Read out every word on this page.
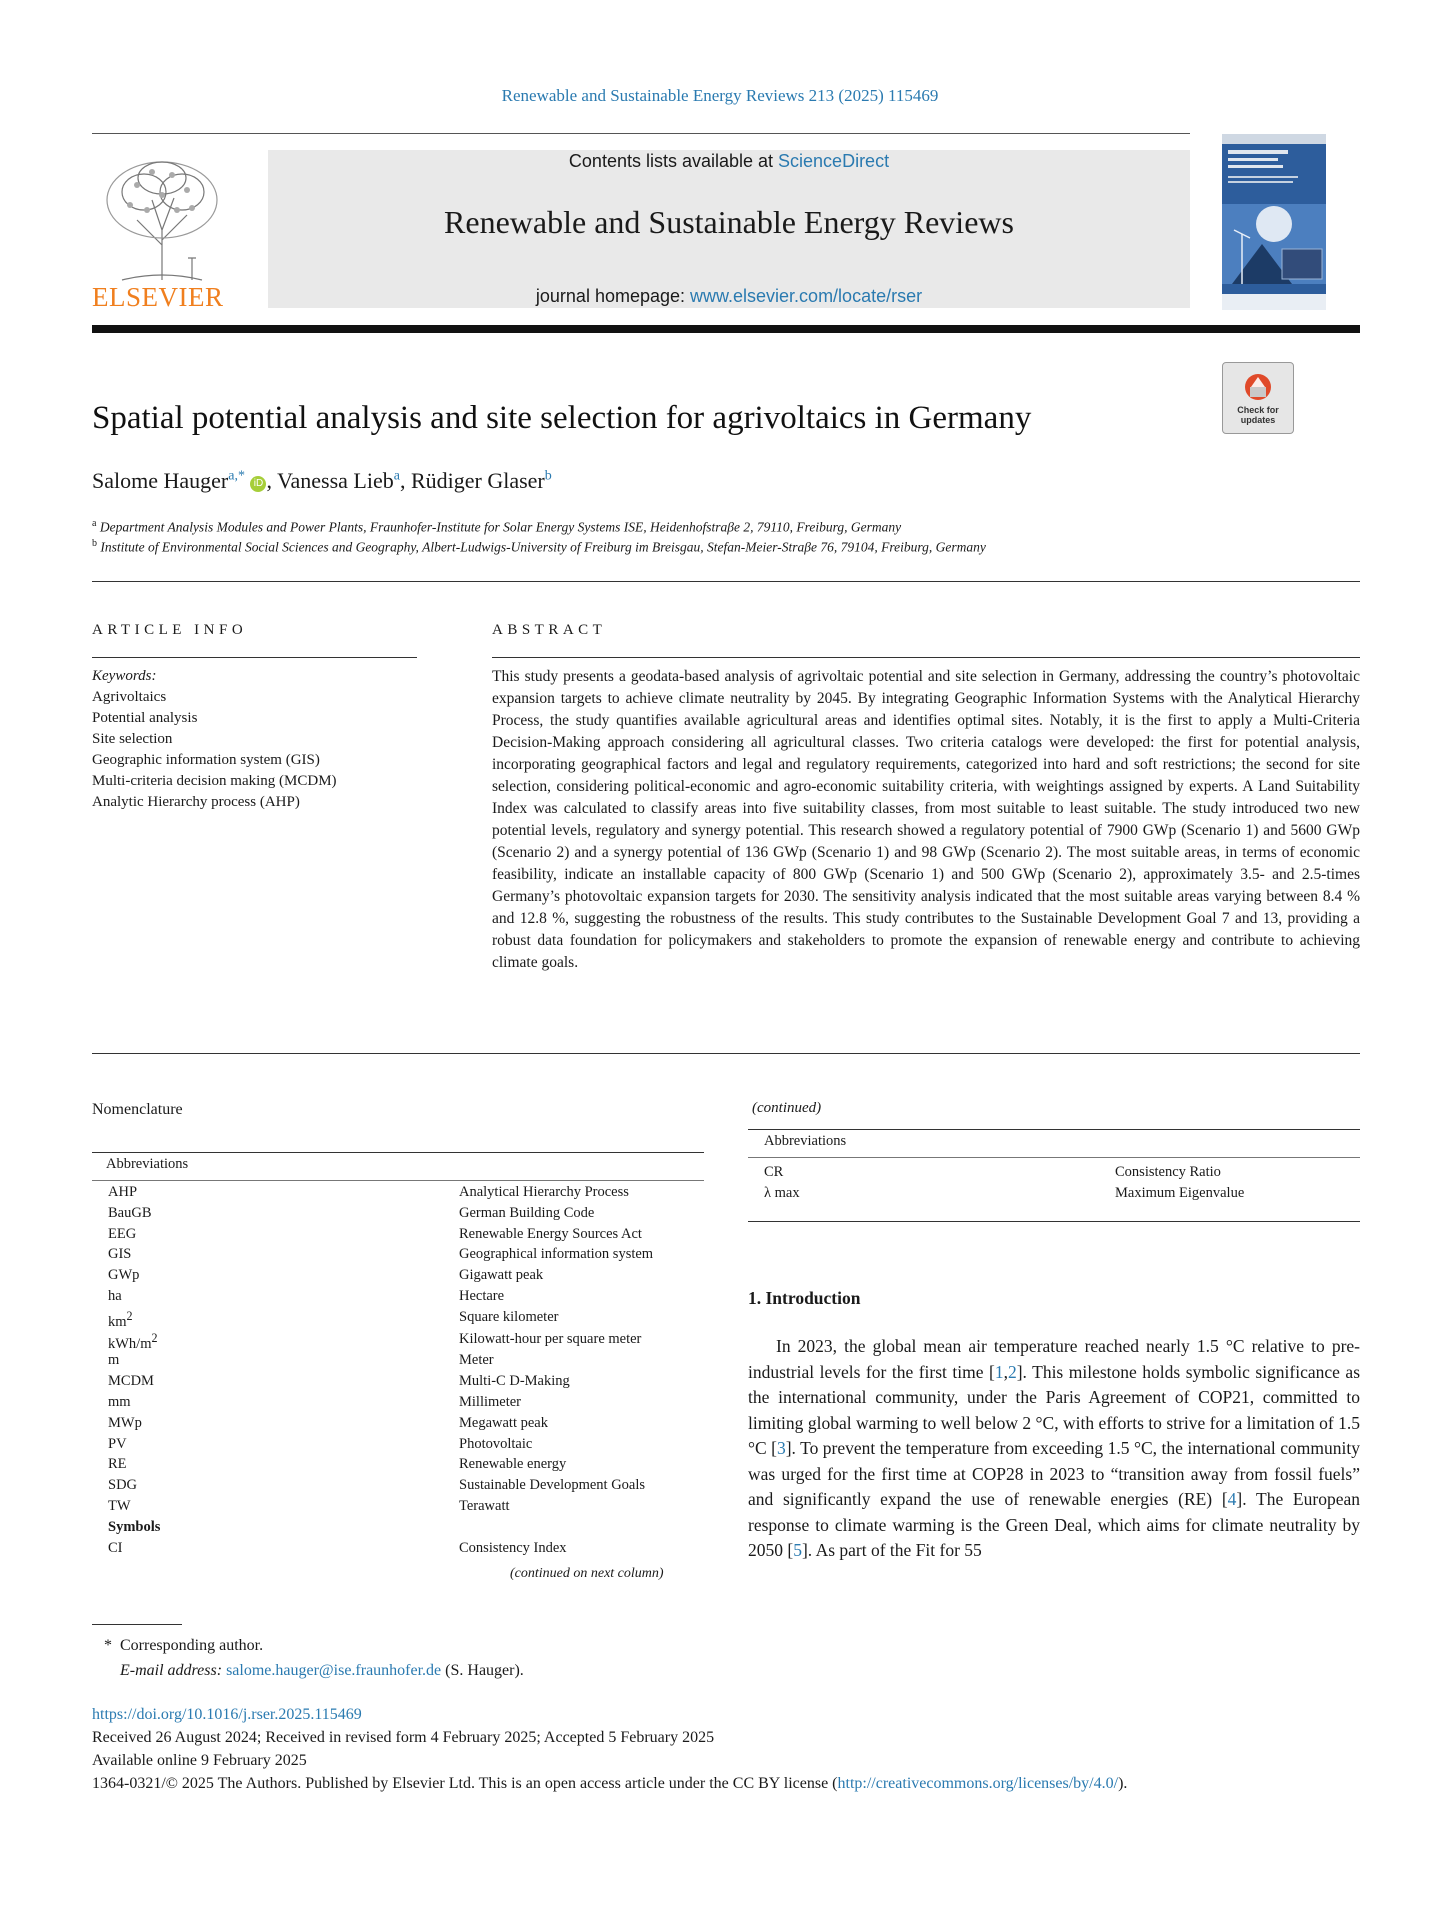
Renewable and Sustainable Energy Reviews 213 (2025) 115469
ELSEVIER
Contents lists available at ScienceDirect
Renewable and Sustainable Energy Reviews
journal homepage: www.elsevier.com/locate/rser
Check for
updates
Spatial potential analysis and site selection for agrivoltaics in Germany
Salome Hauger$^{a,*}$ iD , Vanessa Lieb$^a$, Rüdiger Glaser$^b$
$^a$ Department Analysis Modules and Power Plants, Fraunhofer-Institute for Solar Energy Systems ISE, Heidenhofstraβe 2, 79110, Freiburg, Germany
$^b$ Institute of Environmental Social Sciences and Geography, Albert-Ludwigs-University of Freiburg im Breisgau, Stefan-Meier-Straβe 76, 79104, Freiburg, Germany
ARTICLE INFO
Keywords:
Agrivoltaics
Potential analysis
Site selection
Geographic information system (GIS)
Multi-criteria decision making (MCDM)
Analytic Hierarchy process (AHP)
ABSTRACT
This study presents a geodata-based analysis of agrivoltaic potential and site selection in Germany, addressing the country’s photovoltaic expansion targets to achieve climate neutrality by 2045. By integrating Geographic Information Systems with the Analytical Hierarchy Process, the study quantifies available agricultural areas and identifies optimal sites. Notably, it is the first to apply a Multi-Criteria Decision-Making approach considering all agricultural classes. Two criteria catalogs were developed: the first for potential analysis, incorporating geographical factors and legal and regulatory requirements, categorized into hard and soft restrictions; the second for site selection, considering political-economic and agro-economic suitability criteria, with weightings assigned by experts. A Land Suitability Index was calculated to classify areas into five suitability classes, from most suitable to least suitable. The study introduced two new potential levels, regulatory and synergy potential. This research showed a regulatory potential of 7900 GWp (Scenario 1) and 5600 GWp (Scenario 2) and a synergy potential of 136 GWp (Scenario 1) and 98 GWp (Scenario 2). The most suitable areas, in terms of economic feasibility, indicate an installable capacity of 800 GWp (Scenario 1) and 500 GWp (Scenario 2), approximately 3.5- and 2.5-times Germany’s photovoltaic expansion targets for 2030. The sensitivity analysis indicated that the most suitable areas varying between 8.4 % and 12.8 %, suggesting the robustness of the results. This study contributes to the Sustainable Development Goal 7 and 13, providing a robust data foundation for policymakers and stakeholders to promote the expansion of renewable energy and contribute to achieving climate goals.
Nomenclature
Abbreviations
AHP	Analytical Hierarchy Process
BauGB	German Building Code
EEG	Renewable Energy Sources Act
GIS	Geographical information system
GWp	Gigawatt peak
ha	Hectare
$km^2$	Square kilometer
kWh/$m^2$	Kilowatt-hour per square meter
m	Meter
MCDM	Multi-C D-Making
mm	Millimeter
MWp	Megawatt peak
PV	Photovoltaic
RE	Renewable energy
SDG	Sustainable Development Goals
TW	Terawatt
Symbols	
CI	Consistency Index
(continued on next column)
(continued)
Abbreviations
CR	Consistency Ratio
λ max	Maximum Eigenvalue
1. Introduction

In 2023, the global mean air temperature reached nearly 1.5 °C relative to pre-industrial levels for the first time [1,2]. This milestone holds symbolic significance as the international community, under the Paris Agreement of COP21, committed to limiting global warming to well below 2 °C, with efforts to strive for a limitation of 1.5 °C [3]. To prevent the temperature from exceeding 1.5 °C, the international community was urged for the first time at COP28 in 2023 to “transition away from fossil fuels” and significantly expand the use of renewable energies (RE) [4]. The European response to climate warming is the Green Deal, which aims for climate neutrality by 2050 [5]. As part of the Fit for 55

* Corresponding author.
E-mail address: salome.hauger@ise.fraunhofer.de (S. Hauger).
https://doi.org/10.1016/j.rser.2025.115469
Received 26 August 2024; Received in revised form 4 February 2025; Accepted 5 February 2025
Available online 9 February 2025
1364-0321/© 2025 The Authors. Published by Elsevier Ltd. This is an open access article under the CC BY license (http://creativecommons.org/licenses/by/4.0/).
